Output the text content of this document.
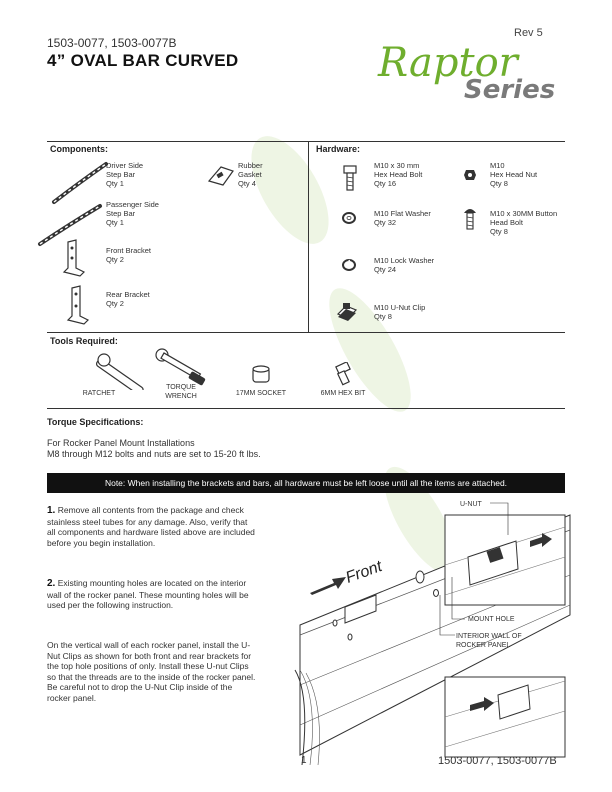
1503-0077, 1503-0077B
4” OVAL BAR CURVED
Rev 5
Raptor
Series
Components:
Driver Side
Step Bar
Qty 1
Passenger Side
Step Bar
Qty 1
Front Bracket
Qty 2
Rear Bracket
Qty 2
Rubber
Gasket
Qty 4
Hardware:
M10 x 30 mm
Hex Head Bolt
Qty 16
M10
Hex Head Nut
Qty 8
M10 Flat Washer
Qty 32
M10 x 30MM Button
Head Bolt
Qty 8
M10 Lock Washer
Qty 24
M10 U-Nut Clip
Qty 8
Tools Required:
RATCHET
TORQUE
WRENCH	17MM SOCKET	6MM HEX BIT
Torque Specifications:
For Rocker Panel Mount Installations
M8 through M12 bolts and nuts are set to 15-20 ft lbs.
Note: When installing the brackets and bars, all hardware must be left loose until all the items are attached.
1. Remove all contents from the package and check stainless steel tubes for any damage. Also, verify that all components and hardware listed above are included before you begin installation.
2. Existing mounting holes are located on the interior wall of the rocker panel. These mounting holes will be used per the following instruction.
On the vertical wall of each rocker panel, install the U-Nut Clips as shown for both front and rear brackets for the top hole positions of only. Install these U-nut Clips so that the threads are to the inside of the rocker panel. Be careful not to drop the U-Nut Clip inside of the rocker panel.
Front
U-NUT
MOUNT HOLE
INTERIOR WALL OF
ROCKER PANEL
1	1503-0077, 1503-0077B
